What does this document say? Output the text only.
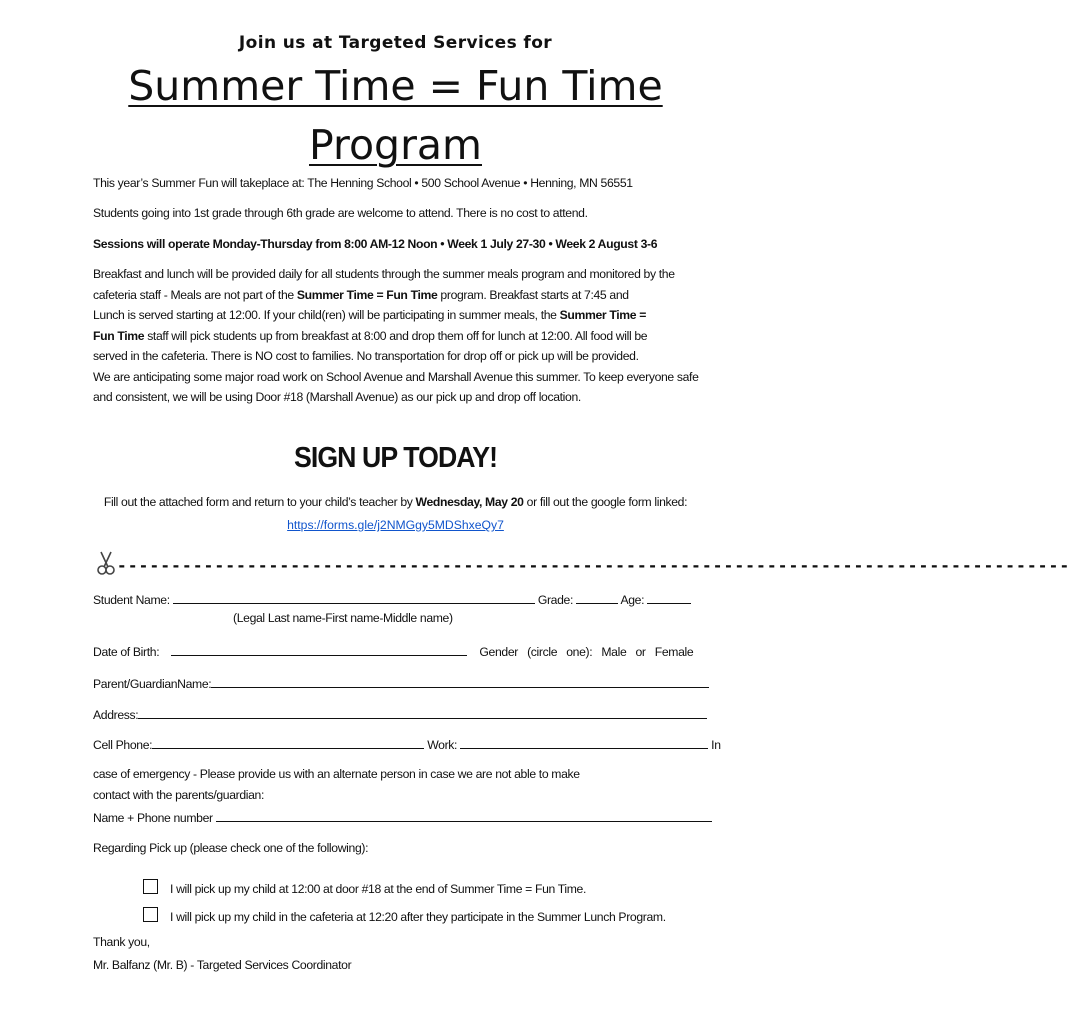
Join us at Targeted Services for
Summer Time = Fun Time
Program
This year’s Summer Fun will takeplace at: The Henning School • 500 School Avenue • Henning, MN 56551
Students going into 1st grade through 6th grade are welcome to attend. There is no cost to attend.
Sessions will operate Monday-Thursday from 8:00 AM-12 Noon • Week 1 July 27-30 • Week 2 August 3-6
Breakfast and lunch will be provided daily for all students through the summer meals program and monitored by the
cafeteria staff - Meals are not part of the Summer Time = Fun Time program. Breakfast starts at 7:45 and
Lunch is served starting at 12:00. If your child(ren) will be participating in summer meals, the Summer Time =
Fun Time staff will pick students up from breakfast at 8:00 and drop them off for lunch at 12:00. All food will be
served in the cafeteria. There is NO cost to families. No transportation for drop off or pick up will be provided.
We are anticipating some major road work on School Avenue and Marshall Avenue this summer. To keep everyone safe
and consistent, we will be using Door #18 (Marshall Avenue) as our pick up and drop off location.
SIGN UP TODAY!
Fill out the attached form and return to your child’s teacher by Wednesday, May 20 or fill out the google form linked:
https://forms.gle/j2NMGgy5MDShxeQy7
----------------------------------------------------------------------------------------
Student Name:	Grade:	Age:
(Legal Last name-First name-Middle name)
Date of Birth:	Gender   (circle   one):   Male   or   Female
Parent/GuardianName:
Address:
Cell Phone:	Work:	In
case of emergency - Please provide us with an alternate person in case we are not able to make
contact with the parents/guardian:
Name + Phone number
Regarding Pick up (please check one of the following):
I will pick up my child at 12:00 at door #18 at the end of Summer Time = Fun Time.
I will pick up my child in the cafeteria at 12:20 after they participate in the Summer Lunch Program.
Thank you,
Mr. Balfanz (Mr. B) - Targeted Services Coordinator
